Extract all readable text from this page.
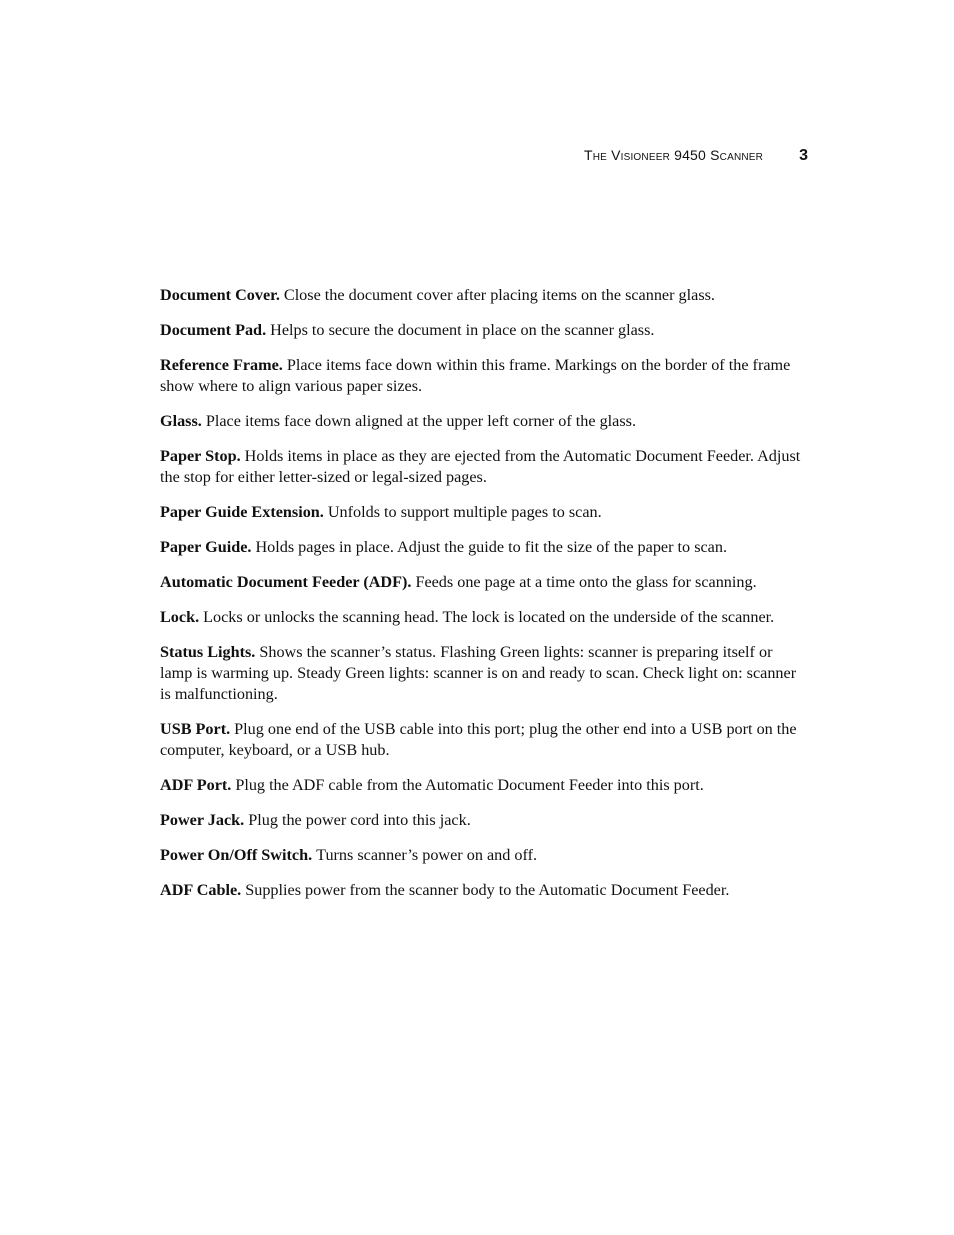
The Visioneer 9450 Scanner 3

Document Cover. Close the document cover after placing items on the scanner glass.

Document Pad. Helps to secure the document in place on the scanner glass.

Reference Frame. Place items face down within this frame. Markings on the border of the frame show where to align various paper sizes.

Glass. Place items face down aligned at the upper left corner of the glass.

Paper Stop. Holds items in place as they are ejected from the Automatic Document Feeder. Adjust the stop for either letter-sized or legal-sized pages.

Paper Guide Extension. Unfolds to support multiple pages to scan.

Paper Guide. Holds pages in place. Adjust the guide to fit the size of the paper to scan.

Automatic Document Feeder (ADF). Feeds one page at a time onto the glass for scanning.

Lock. Locks or unlocks the scanning head. The lock is located on the underside of the scanner.

Status Lights. Shows the scanner’s status. Flashing Green lights: scanner is preparing itself or lamp is warming up. Steady Green lights: scanner is on and ready to scan. Check light on: scanner is malfunctioning.

USB Port. Plug one end of the USB cable into this port; plug the other end into a USB port on the computer, keyboard, or a USB hub.

ADF Port. Plug the ADF cable from the Automatic Document Feeder into this port.

Power Jack. Plug the power cord into this jack.

Power On/Off Switch. Turns scanner’s power on and off.

ADF Cable. Supplies power from the scanner body to the Automatic Document Feeder.
